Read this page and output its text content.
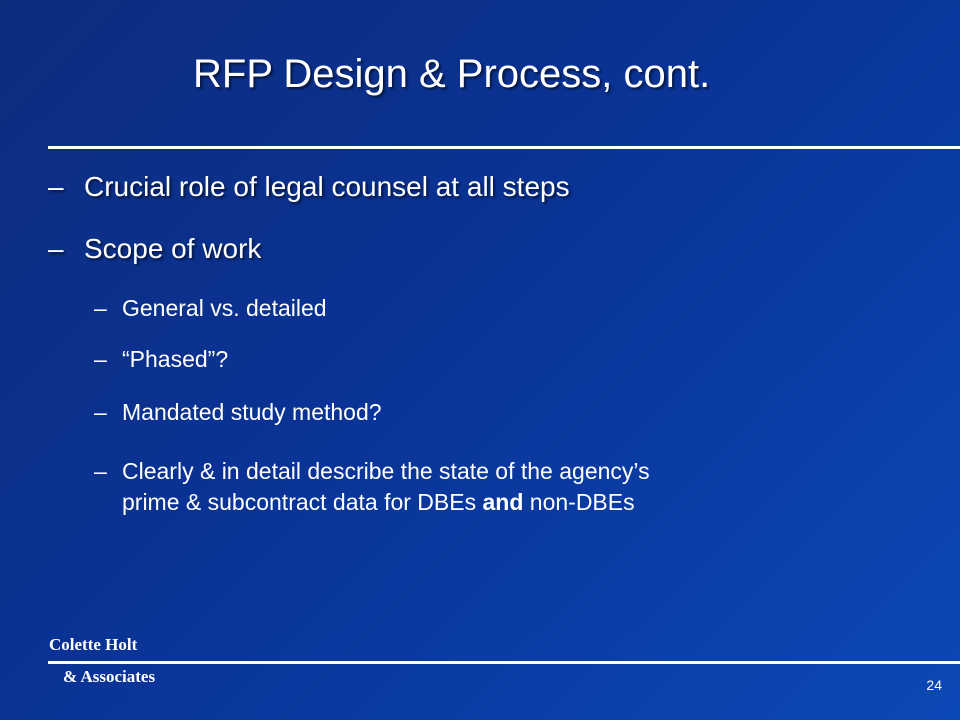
RFP Design & Process, cont.
– Crucial role of legal counsel at all steps
– Scope of work
– General vs. detailed
– “Phased”?
– Mandated study method?
– Clearly & in detail describe the state of the agency’s
prime & subcontract data for DBEs and non-DBEs
Colette Holt
& Associates	24
